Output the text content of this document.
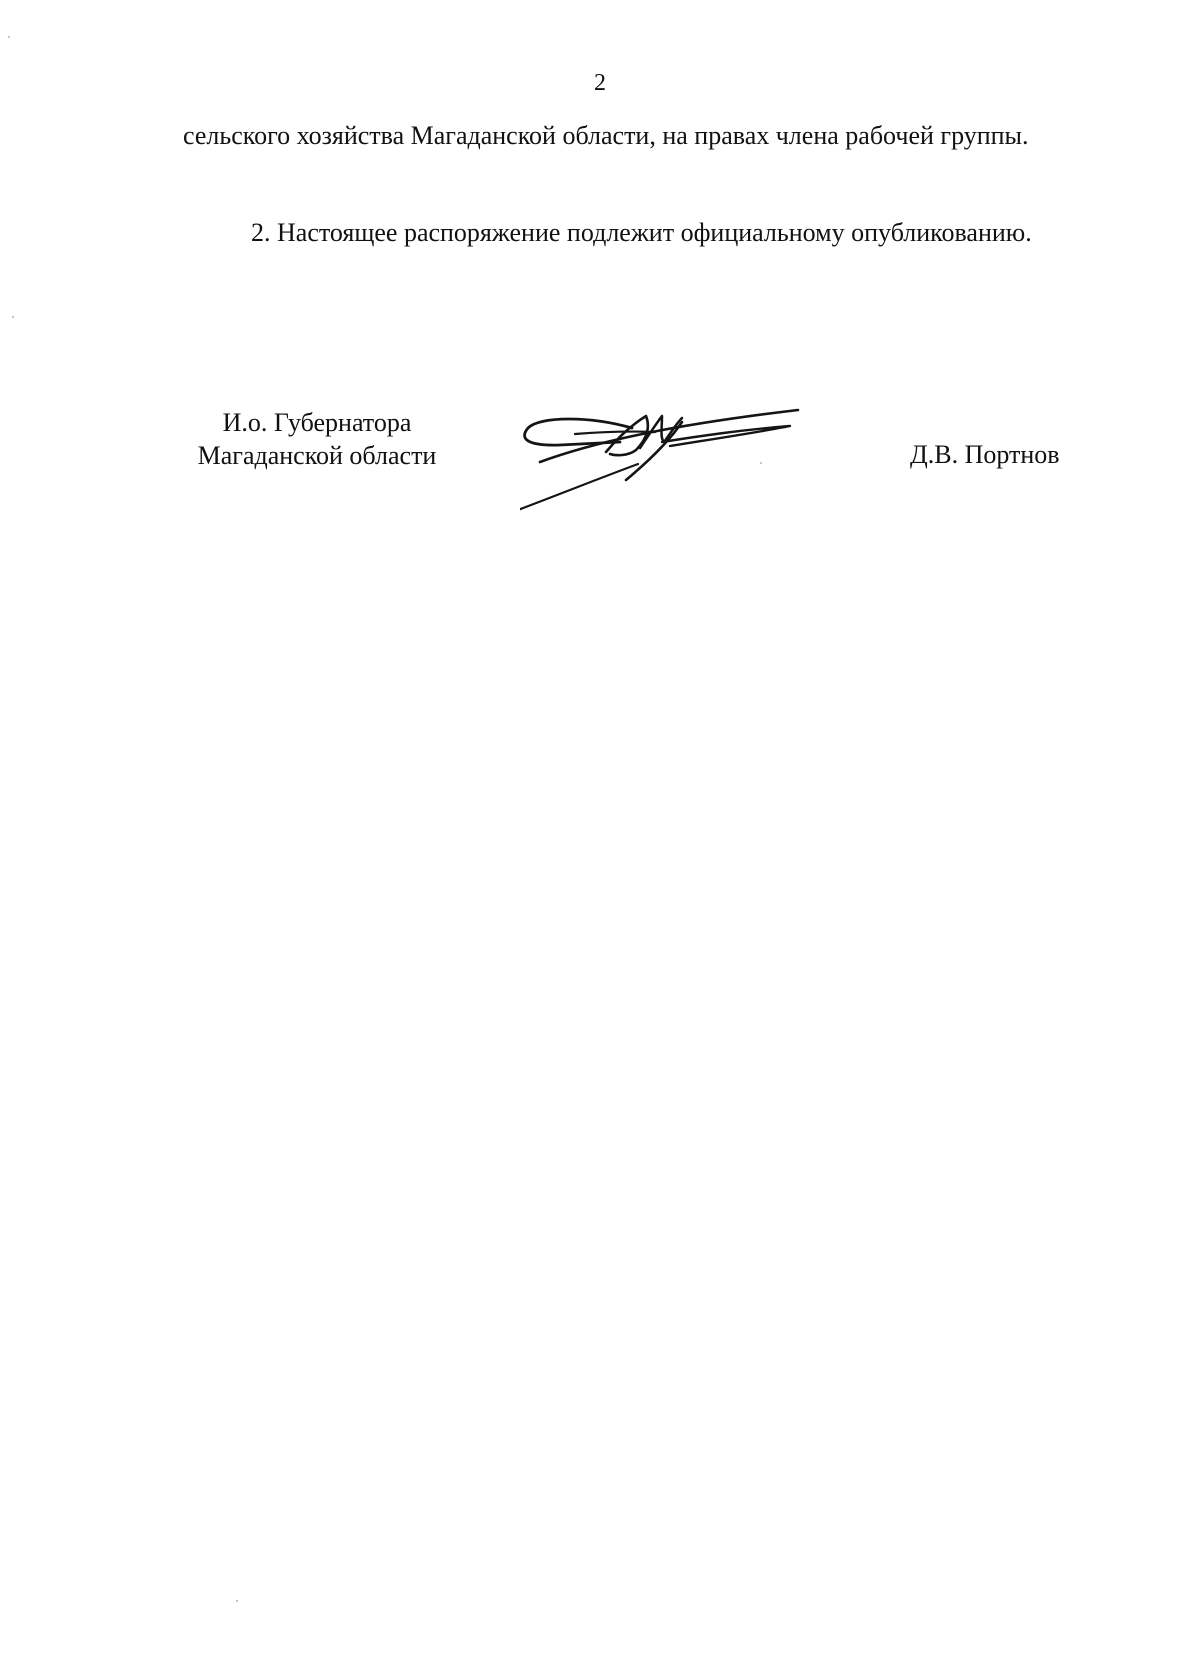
2

сельского хозяйства Магаданской области, на правах члена рабочей группы.

2. Настоящее распоряжение подлежит официальному опубликованию.

И.о. Губернатора
Магаданской области	Д.В. Портнов
